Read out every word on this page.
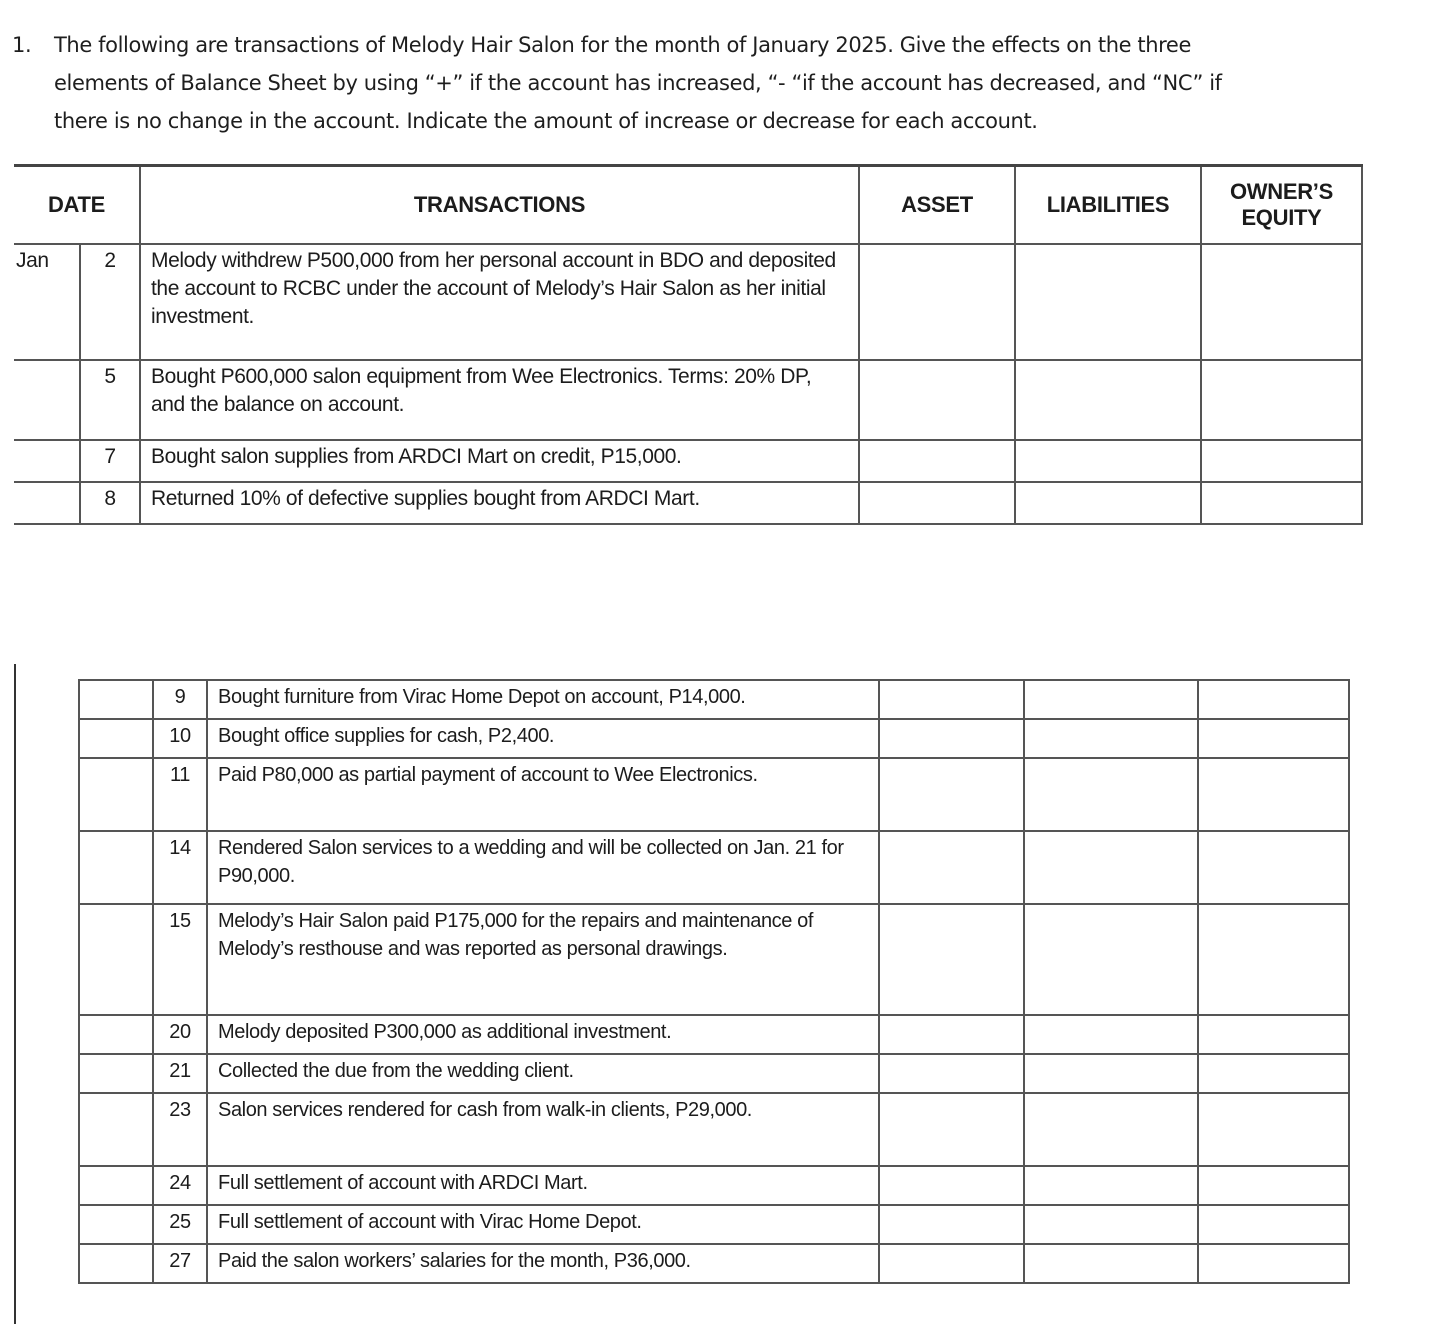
1.	The following are transactions of Melody Hair Salon for the month of January 2025. Give the effects on the three
elements of Balance Sheet by using “+” if the account has increased, “- “if the account has decreased, and “NC” if
there is no change in the account. Indicate the amount of increase or decrease for each account.
DATE		TRANSACTIONS	ASSET	LIABILITIES	OWNER’S
EQUITY

Jan	2	Melody withdrew P500,000 from her personal account in BDO and deposited the account to RCBC under the account of Melody’s Hair Salon as her initial investment.			
	5	Bought P600,000 salon equipment from Wee Electronics. Terms: 20% DP, and the balance on account.			
	7	Bought salon supplies from ARDCI Mart on credit, P15,000.			
	8	Returned 10% of defective supplies bought from ARDCI Mart.			
	9	Bought furniture from Virac Home Depot on account, P14,000.			
	10	Bought office supplies for cash, P2,400.			
	11	Paid P80,000 as partial payment of account to Wee Electronics.			
	14	Rendered Salon services to a wedding and will be collected on Jan. 21 for P90,000.			
	15	Melody’s Hair Salon paid P175,000 for the repairs and maintenance of Melody’s resthouse and was reported as personal drawings.			
	20	Melody deposited P300,000 as additional investment.			
	21	Collected the due from the wedding client.			
	23	Salon services rendered for cash from walk-in clients, P29,000.			
	24	Full settlement of account with ARDCI Mart.			
	25	Full settlement of account with Virac Home Depot.			
	27	Paid the salon workers’ salaries for the month, P36,000.			
